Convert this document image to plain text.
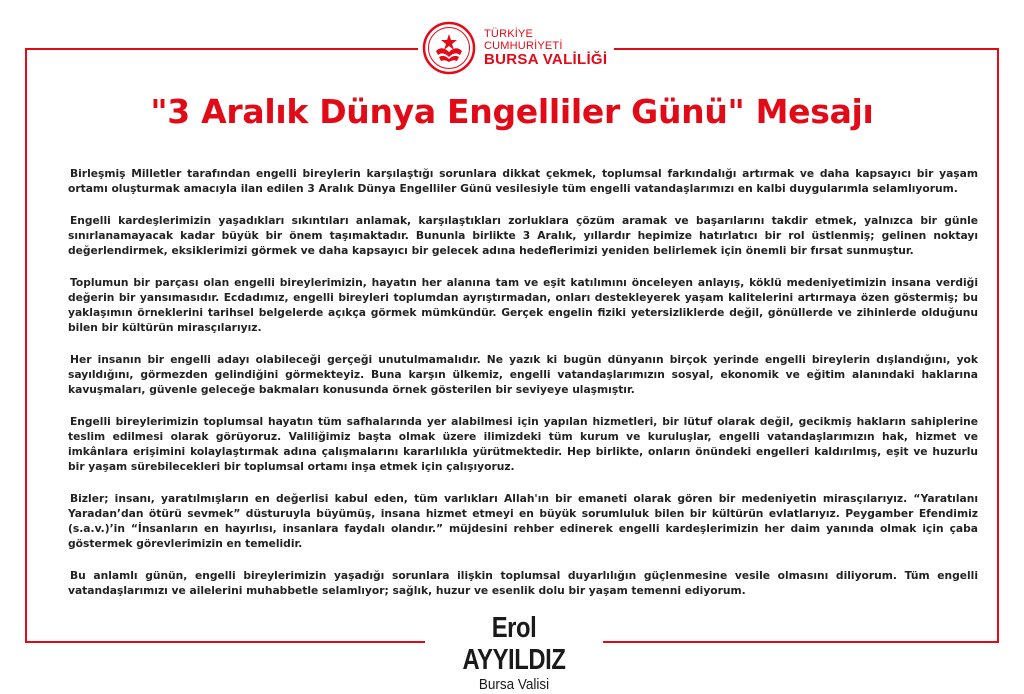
TÜRKİYE CUMHURİYETİ
BURSA VALİLİĞİ
"3 Aralık Dünya Engelliler Günü" Mesajı

Birleşmiş Milletler tarafından engelli bireylerin karşılaştığı sorunlara dikkat çekmek, toplumsal farkındalığı artırmak ve daha kapsayıcı bir yaşam ortamı oluşturmak amacıyla ilan edilen 3 Aralık Dünya Engelliler Günü vesilesiyle tüm engelli vatandaşlarımızı en kalbi duygularımla selamlıyorum.

Engelli kardeşlerimizin yaşadıkları sıkıntıları anlamak, karşılaştıkları zorluklara çözüm aramak ve başarılarını takdir etmek, yalnızca bir günle sınırlanamayacak kadar büyük bir önem taşımaktadır. Bununla birlikte 3 Aralık, yıllardır hepimize hatırlatıcı bir rol üstlenmiş; gelinen noktayı değerlendirmek, eksiklerimizi görmek ve daha kapsayıcı bir gelecek adına hedeflerimizi yeniden belirlemek için önemli bir fırsat sunmuştur.

Toplumun bir parçası olan engelli bireylerimizin, hayatın her alanına tam ve eşit katılımını önceleyen anlayış, köklü medeniyetimizin insana verdiği değerin bir yansımasıdır. Ecdadımız, engelli bireyleri toplumdan ayrıştırmadan, onları destekleyerek yaşam kalitelerini artırmaya özen göstermiş; bu yaklaşımın örneklerini tarihsel belgelerde açıkça görmek mümkündür. Gerçek engelin fiziki yetersizliklerde değil, gönüllerde ve zihinlerde olduğunu bilen bir kültürün mirasçılarıyız.

Her insanın bir engelli adayı olabileceği gerçeği unutulmamalıdır. Ne yazık ki bugün dünyanın birçok yerinde engelli bireylerin dışlandığını, yok sayıldığını, görmezden gelindiğini görmekteyiz. Buna karşın ülkemiz, engelli vatandaşlarımızın sosyal, ekonomik ve eğitim alanındaki haklarına kavuşmaları, güvenle geleceğe bakmaları konusunda örnek gösterilen bir seviyeye ulaşmıştır.

Engelli bireylerimizin toplumsal hayatın tüm safhalarında yer alabilmesi için yapılan hizmetleri, bir lütuf olarak değil, gecikmiş hakların sahiplerine teslim edilmesi olarak görüyoruz. Valiliğimiz başta olmak üzere ilimizdeki tüm kurum ve kuruluşlar, engelli vatandaşlarımızın hak, hizmet ve imkânlara erişimini kolaylaştırmak adına çalışmalarını kararlılıkla yürütmektedir. Hep birlikte, onların önündeki engelleri kaldırılmış, eşit ve huzurlu bir yaşam sürebilecekleri bir toplumsal ortamı inşa etmek için çalışıyoruz.

Bizler; insanı, yaratılmışların en değerlisi kabul eden, tüm varlıkları Allah'ın bir emaneti olarak gören bir medeniyetin mirasçılarıyız. “Yaratılanı Yaradan’dan ötürü sevmek” düsturuyla büyümüş, insana hizmet etmeyi en büyük sorumluluk bilen bir kültürün evlatlarıyız. Peygamber Efendimiz (s.a.v.)’in “İnsanların en hayırlısı, insanlara faydalı olandır.” müjdesini rehber edinerek engelli kardeşlerimizin her daim yanında olmak için çaba göstermek görevlerimizin en temelidir.

Bu anlamlı günün, engelli bireylerimizin yaşadığı sorunlara ilişkin toplumsal duyarlılığın güçlenmesine vesile olmasını diliyorum. Tüm engelli vatandaşlarımızı ve ailelerini muhabbetle selamlıyor; sağlık, huzur ve esenlik dolu bir yaşam temenni ediyorum.

Erol AYYILDIZ
Bursa Valisi
